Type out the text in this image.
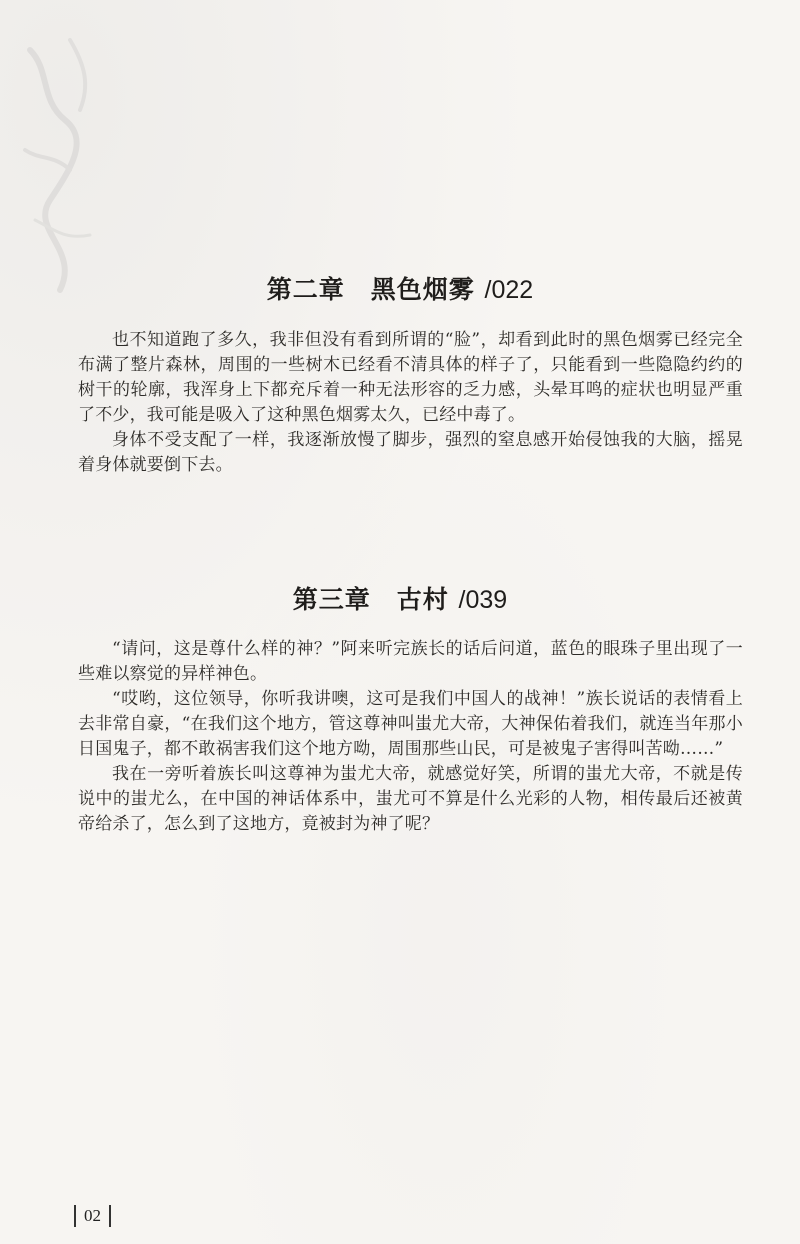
第二章　黑色烟雾 /022

也不知道跑了多久，我非但没有看到所谓的“脸”，却看到此时的黑色烟雾已经完全布满了整片森林，周围的一些树木已经看不清具体的样子了，只能看到一些隐隐约约的树干的轮廓，我浑身上下都充斥着一种无法形容的乏力感，头晕耳鸣的症状也明显严重了不少，我可能是吸入了这种黑色烟雾太久，已经中毒了。

身体不受支配了一样，我逐渐放慢了脚步，强烈的窒息感开始侵蚀我的大脑，摇晃着身体就要倒下去。

第三章　古村 /039

“请问，这是尊什么样的神？”阿来听完族长的话后问道，蓝色的眼珠子里出现了一些难以察觉的异样神色。

“哎哟，这位领导，你听我讲噢，这可是我们中国人的战神！”族长说话的表情看上去非常自豪，“在我们这个地方，管这尊神叫蚩尤大帝，大神保佑着我们，就连当年那小日国鬼子，都不敢祸害我们这个地方呦，周围那些山民，可是被鬼子害得叫苦呦……”

我在一旁听着族长叫这尊神为蚩尤大帝，就感觉好笑，所谓的蚩尤大帝，不就是传说中的蚩尤么，在中国的神话体系中，蚩尤可不算是什么光彩的人物，相传最后还被黄帝给杀了，怎么到了这地方，竟被封为神了呢？

02
